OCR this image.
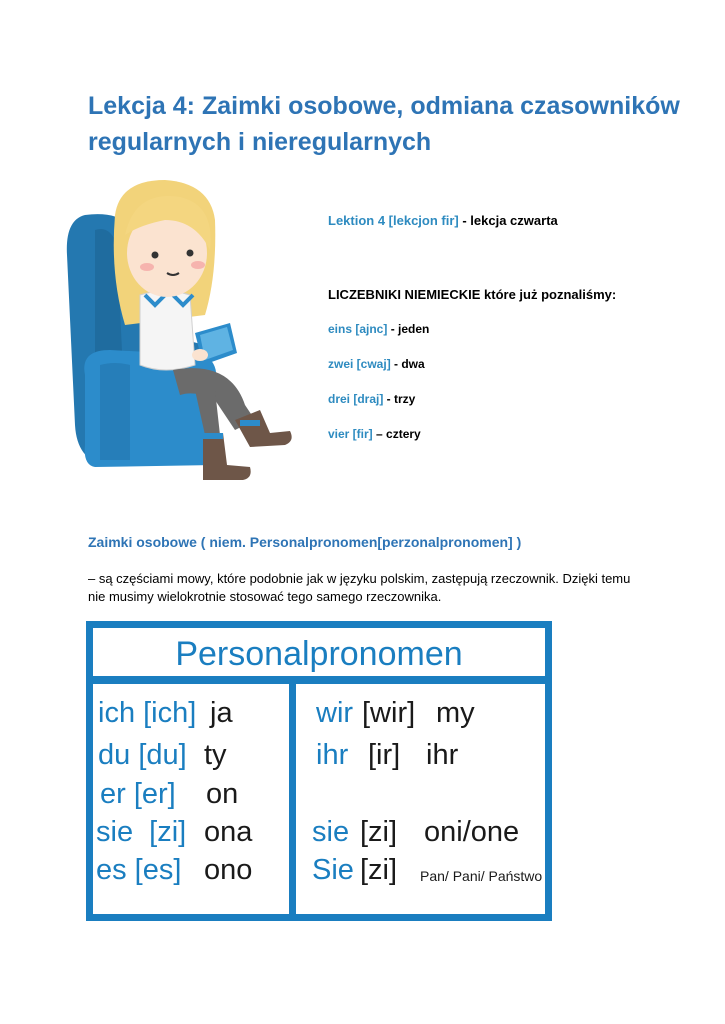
Lekcja 4: Zaimki osobowe, odmiana czasowników regularnych i nieregularnych
Lektion 4 [lekcjon fir] - lekcja czwarta
LICZEBNIKI NIEMIECKIE które już poznaliśmy:
eins [ajnc] - jeden
zwei [cwaj] - dwa
drei [draj] - trzy
vier [fir] – cztery
Zaimki osobowe ( niem. Personalpronomen[perzonalpronomen] )
– są częściami mowy, które podobnie jak w języku polskim, zastępują rzeczownik. Dzięki temu nie musimy wielokrotnie stosować tego samego rzeczownika.
Personalpronomen
ich [ich] ja
du [du] ty
er [er] on
sie  [zi] ona
es [es] ono
wir [wir] my
ihr [ir] ihr
sie [zi] oni/one
Sie [zi] Pan/ Pani/ Państwo
